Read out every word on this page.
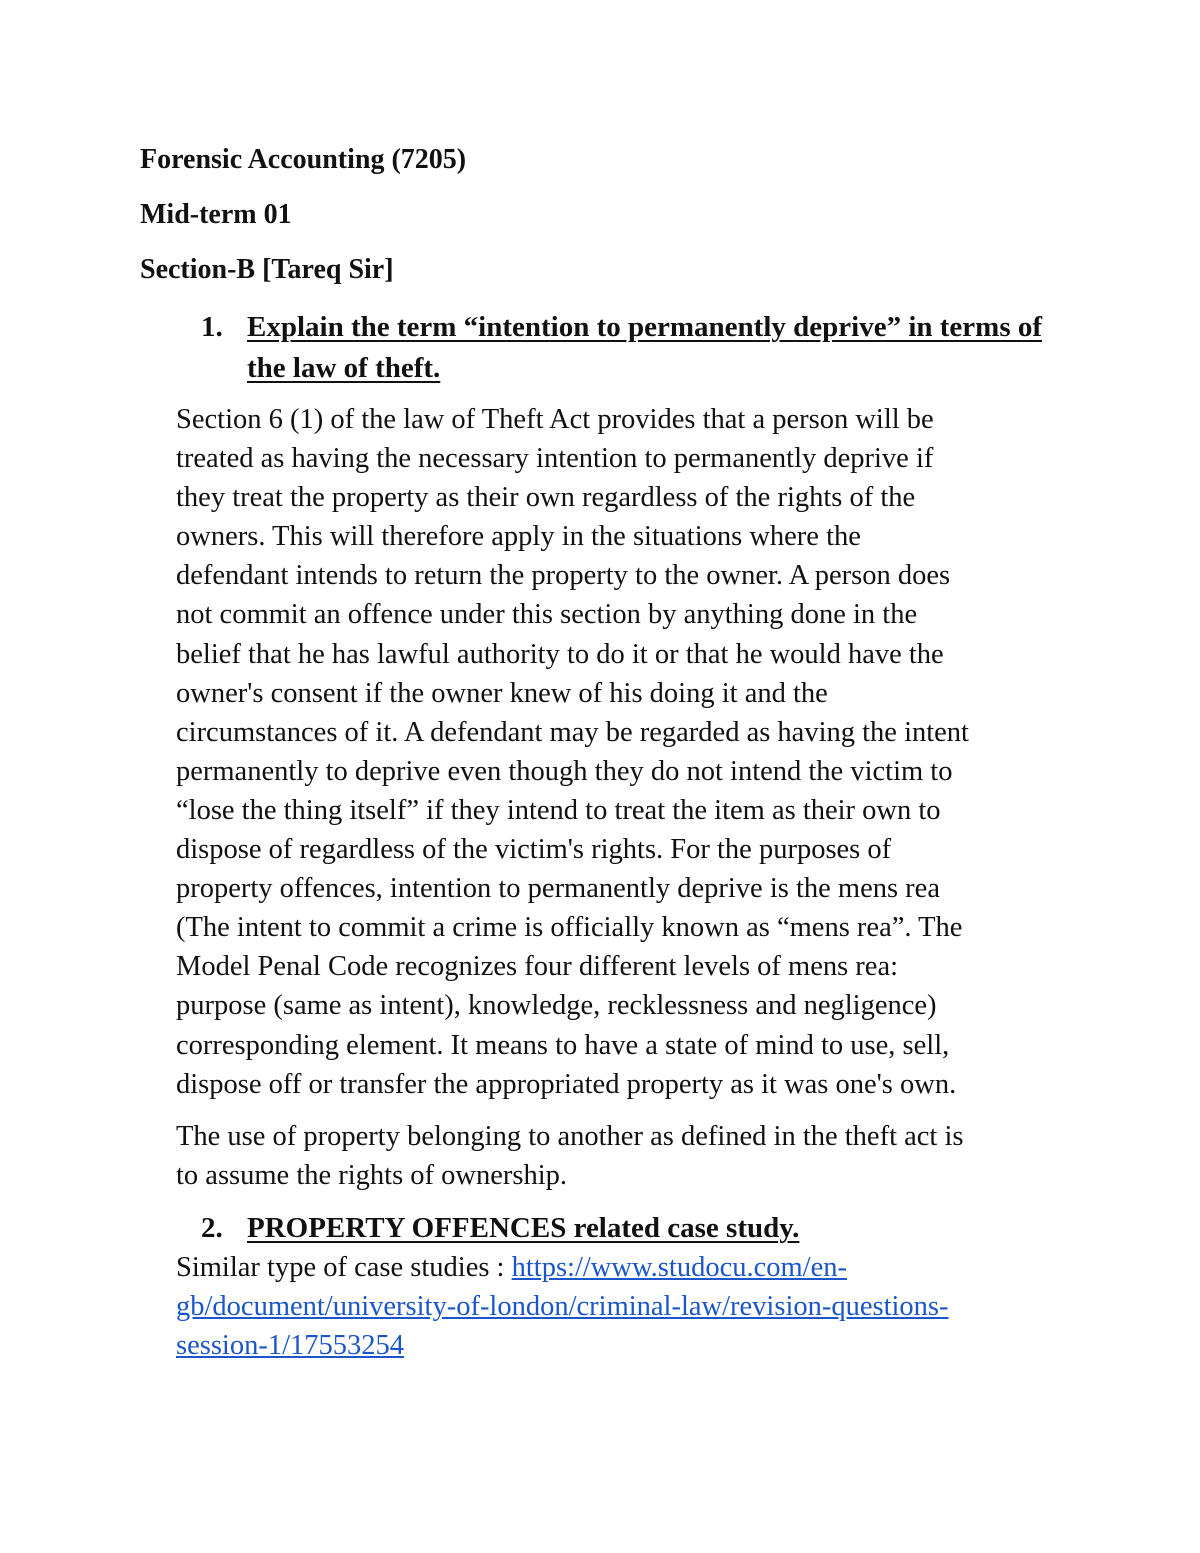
Forensic Accounting (7205)
Mid-term 01
Section-B [Tareq Sir]
1. Explain the term “intention to permanently deprive” in terms of the law of theft.
Section 6 (1) of the law of Theft Act provides that a person will be
treated as having the necessary intention to permanently deprive if
they treat the property as their own regardless of the rights of the
owners. This will therefore apply in the situations where the
defendant intends to return the property to the owner. A person does
not commit an offence under this section by anything done in the
belief that he has lawful authority to do it or that he would have the
owner's consent if the owner knew of his doing it and the
circumstances of it. A defendant may be regarded as having the intent
permanently to deprive even though they do not intend the victim to
“lose the thing itself” if they intend to treat the item as their own to
dispose of regardless of the victim's rights. For the purposes of
property offences, intention to permanently deprive is the mens rea
(The intent to commit a crime is officially known as “mens rea”. The
Model Penal Code recognizes four different levels of mens rea:
purpose (same as intent), knowledge, recklessness and negligence)
corresponding element. It means to have a state of mind to use, sell,
dispose off or transfer the appropriated property as it was one's own.
The use of property belonging to another as defined in the theft act is
to assume the rights of ownership.
2. PROPERTY OFFENCES related case study.
Similar type of case studies : https://www.studocu.com/en-
gb/document/university-of-london/criminal-law/revision-questions-
session-1/17553254
